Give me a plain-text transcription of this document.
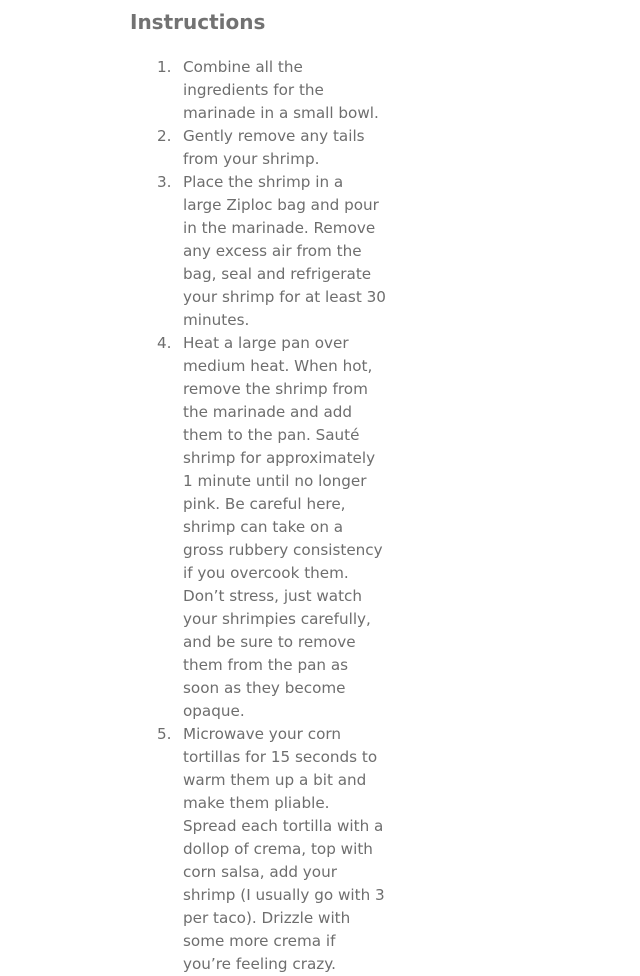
Instructions
1. Combine all the ingredients for the marinade in a small bowl.
2. Gently remove any tails from your shrimp.
3. Place the shrimp in a large Ziploc bag and pour in the marinade. Remove any excess air from the bag, seal and refrigerate your shrimp for at least 30 minutes.
4. Heat a large pan over medium heat. When hot, remove the shrimp from the marinade and add them to the pan. Sauté shrimp for approximately 1 minute until no longer pink. Be careful here, shrimp can take on a gross rubbery consistency if you overcook them. Don’t stress, just watch your shrimpies carefully, and be sure to remove them from the pan as soon as they become opaque.
5. Microwave your corn tortillas for 15 seconds to warm them up a bit and make them pliable. Spread each tortilla with a dollop of crema, top with corn salsa, add your shrimp (I usually go with 3 per taco). Drizzle with some more crema if you’re feeling crazy.
